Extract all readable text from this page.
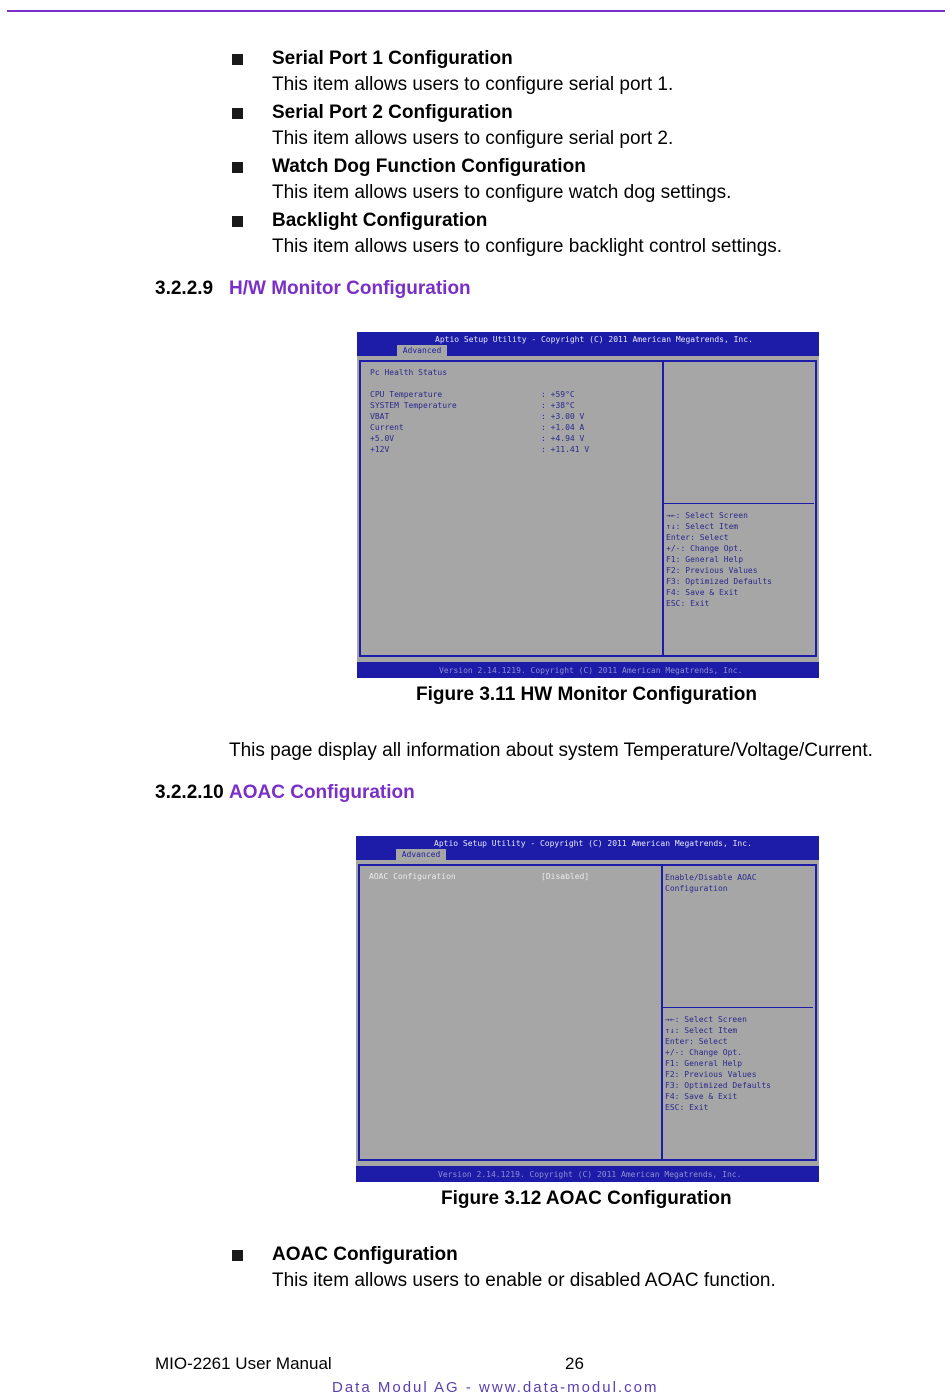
Serial Port 1 Configuration
This item allows users to configure serial port 1.
Serial Port 2 Configuration
This item allows users to configure serial port 2.
Watch Dog Function Configuration
This item allows users to configure watch dog settings.
Backlight Configuration
This item allows users to configure backlight control settings.
3.2.2.9 H/W Monitor Configuration
Aptio Setup Utility - Copyright (C) 2011 American Megatrends, Inc.
Advanced
Pc Health Status
CPU Temperature	: +59°C
SYSTEM Temperature	: +38°C
VBAT	: +3.00 V
Current	: +1.04 A
+5.0V	: +4.94 V
+12V	: +11.41 V
→←: Select Screen
↑↓: Select Item
Enter: Select
+/-: Change Opt.
F1: General Help
F2: Previous Values
F3: Optimized Defaults
F4: Save & Exit
ESC: Exit
Version 2.14.1219. Copyright (C) 2011 American Megatrends, Inc.
Figure 3.11 HW Monitor Configuration
This page display all information about system Temperature/Voltage/Current.
3.2.2.10 AOAC Configuration
Aptio Setup Utility - Copyright (C) 2011 American Megatrends, Inc.
Advanced
AOAC Configuration	[Disabled]	Enable/Disable AOAC
Configuration
→←: Select Screen
↑↓: Select Item
Enter: Select
+/-: Change Opt.
F1: General Help
F2: Previous Values
F3: Optimized Defaults
F4: Save & Exit
ESC: Exit
Version 2.14.1219. Copyright (C) 2011 American Megatrends, Inc.
Figure 3.12 AOAC Configuration
AOAC Configuration
This item allows users to enable or disabled AOAC function.
MIO-2261 User Manual	26
Data Modul AG - www.data-modul.com
